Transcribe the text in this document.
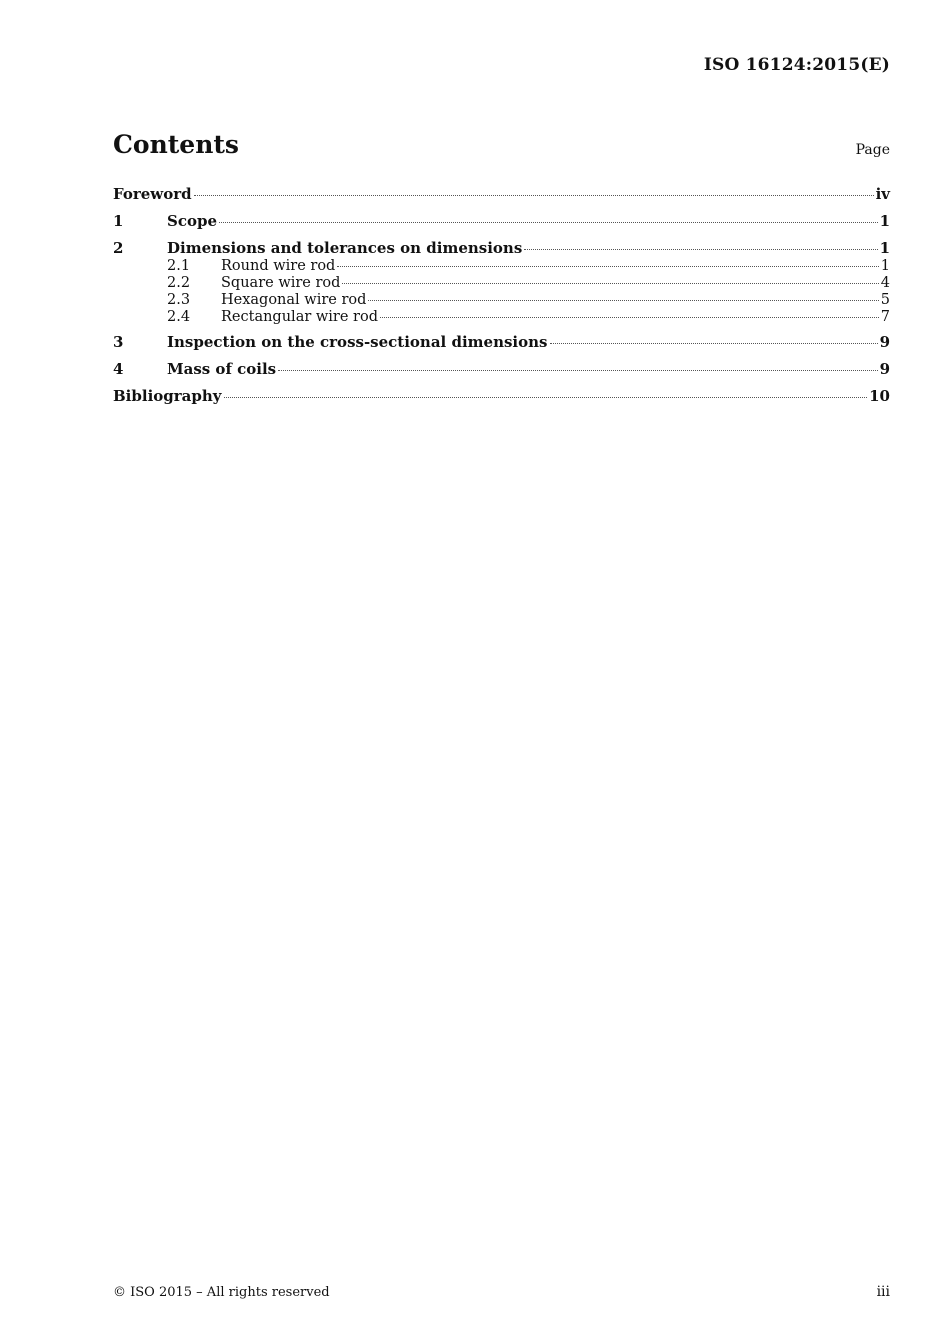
ISO 16124:2015(E)
Contents	Page
Foreword	iv
1	Scope	1
2	Dimensions and tolerances on dimensions	1
2.1	Round wire rod	1
2.2	Square wire rod	4
2.3	Hexagonal wire rod	5
2.4	Rectangular wire rod	7
3	Inspection on the cross-sectional dimensions	9
4	Mass of coils	9
Bibliography	10
© ISO 2015 – All rights reserved	iii
